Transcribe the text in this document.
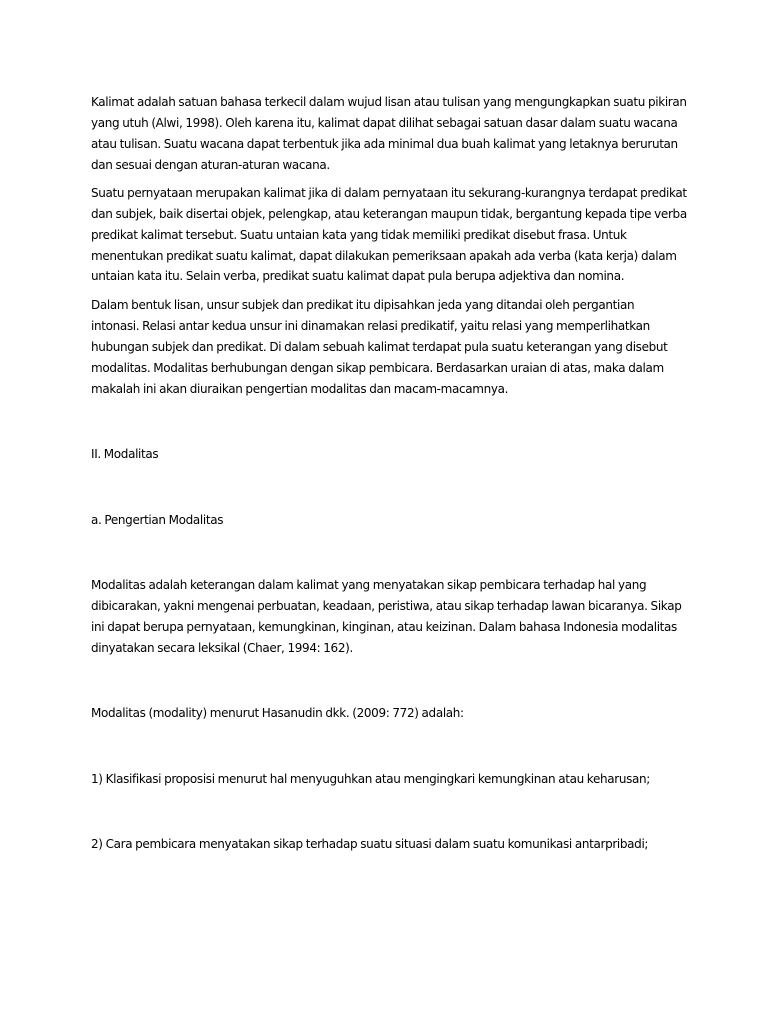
Kalimat adalah satuan bahasa terkecil dalam wujud lisan atau tulisan yang mengungkapkan suatu pikiran
yang utuh (Alwi, 1998). Oleh karena itu, kalimat dapat dilihat sebagai satuan dasar dalam suatu wacana
atau tulisan. Suatu wacana dapat terbentuk jika ada minimal dua buah kalimat yang letaknya berurutan
dan sesuai dengan aturan-aturan wacana.
Suatu pernyataan merupakan kalimat jika di dalam pernyataan itu sekurang-kurangnya terdapat predikat
dan subjek, baik disertai objek, pelengkap, atau keterangan maupun tidak, bergantung kepada tipe verba
predikat kalimat tersebut. Suatu untaian kata yang tidak memiliki predikat disebut frasa. Untuk
menentukan predikat suatu kalimat, dapat dilakukan pemeriksaan apakah ada verba (kata kerja) dalam
untaian kata itu. Selain verba, predikat suatu kalimat dapat pula berupa adjektiva dan nomina.
Dalam bentuk lisan, unsur subjek dan predikat itu dipisahkan jeda yang ditandai oleh pergantian
intonasi. Relasi antar kedua unsur ini dinamakan relasi predikatif, yaitu relasi yang memperlihatkan
hubungan subjek dan predikat. Di dalam sebuah kalimat terdapat pula suatu keterangan yang disebut
modalitas. Modalitas berhubungan dengan sikap pembicara. Berdasarkan uraian di atas, maka dalam
makalah ini akan diuraikan pengertian modalitas dan macam-macamnya.
II. Modalitas
a. Pengertian Modalitas
Modalitas adalah keterangan dalam kalimat yang menyatakan sikap pembicara terhadap hal yang
dibicarakan, yakni mengenai perbuatan, keadaan, peristiwa, atau sikap terhadap lawan bicaranya. Sikap
ini dapat berupa pernyataan, kemungkinan, kinginan, atau keizinan. Dalam bahasa Indonesia modalitas
dinyatakan secara leksikal (Chaer, 1994: 162).
Modalitas (modality) menurut Hasanudin dkk. (2009: 772) adalah:
1) Klasifikasi proposisi menurut hal menyuguhkan atau mengingkari kemungkinan atau keharusan;
2) Cara pembicara menyatakan sikap terhadap suatu situasi dalam suatu komunikasi antarpribadi;
